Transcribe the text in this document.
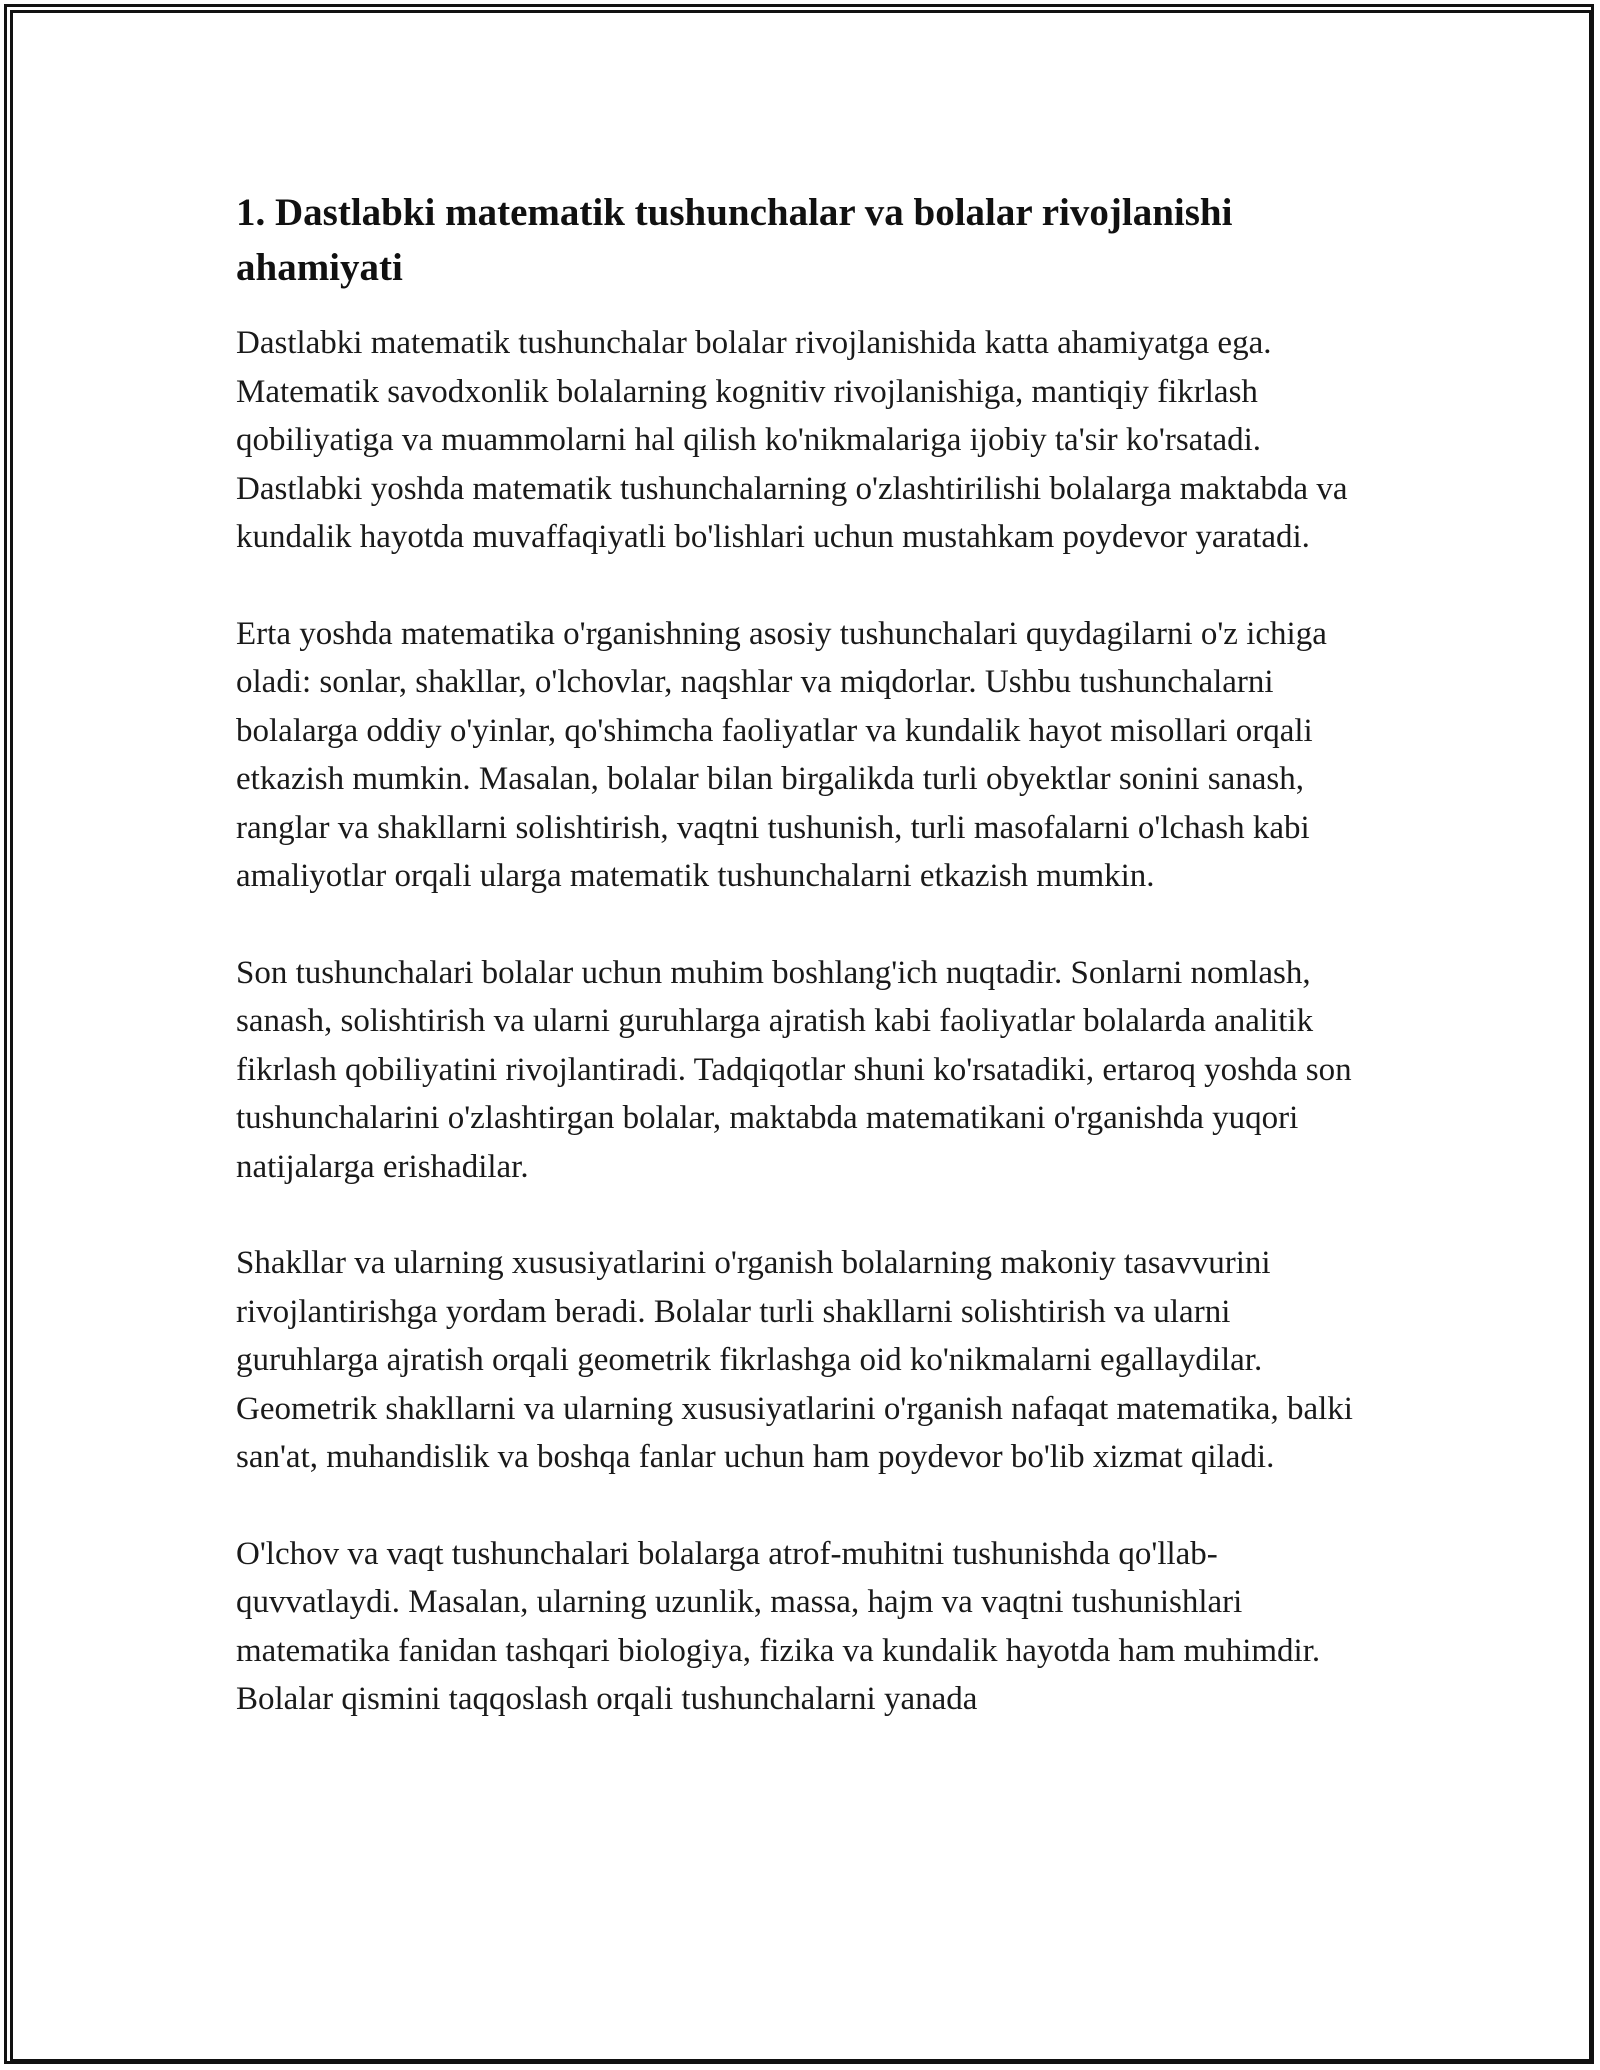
1. Dastlabki matematik tushunchalar va bolalar rivojlanishi ahamiyati

Dastlabki matematik tushunchalar bolalar rivojlanishida katta ahamiyatga ega. Matematik savodxonlik bolalarning kognitiv rivojlanishiga, mantiqiy fikrlash qobiliyatiga va muammolarni hal qilish ko'nikmalariga ijobiy ta'sir ko'rsatadi. Dastlabki yoshda matematik tushunchalarning o'zlashtirilishi bolalarga maktabda va kundalik hayotda muvaffaqiyatli bo'lishlari uchun mustahkam poydevor yaratadi.

Erta yoshda matematika o'rganishning asosiy tushunchalari quydagilarni o'z ichiga oladi: sonlar, shakllar, o'lchovlar, naqshlar va miqdorlar. Ushbu tushunchalarni bolalarga oddiy o'yinlar, qo'shimcha faoliyatlar va kundalik hayot misollari orqali etkazish mumkin. Masalan, bolalar bilan birgalikda turli obyektlar sonini sanash, ranglar va shakllarni solishtirish, vaqtni tushunish, turli masofalarni o'lchash kabi amaliyotlar orqali ularga matematik tushunchalarni etkazish mumkin.

Son tushunchalari bolalar uchun muhim boshlang'ich nuqtadir. Sonlarni nomlash, sanash, solishtirish va ularni guruhlarga ajratish kabi faoliyatlar bolalarda analitik fikrlash qobiliyatini rivojlantiradi. Tadqiqotlar shuni ko'rsatadiki, ertaroq yoshda son tushunchalarini o'zlashtirgan bolalar, maktabda matematikani o'rganishda yuqori natijalarga erishadilar.

Shakllar va ularning xususiyatlarini o'rganish bolalarning makoniy tasavvurini rivojlantirishga yordam beradi. Bolalar turli shakllarni solishtirish va ularni guruhlarga ajratish orqali geometrik fikrlashga oid ko'nikmalarni egallaydilar. Geometrik shakllarni va ularning xususiyatlarini o'rganish nafaqat matematika, balki san'at, muhandislik va boshqa fanlar uchun ham poydevor bo'lib xizmat qiladi.

O'lchov va vaqt tushunchalari bolalarga atrof-muhitni tushunishda qo'llab-quvvatlaydi. Masalan, ularning uzunlik, massa, hajm va vaqtni tushunishlari matematika fanidan tashqari biologiya, fizika va kundalik hayotda ham muhimdir. Bolalar qismini taqqoslash orqali tushunchalarni yanada
